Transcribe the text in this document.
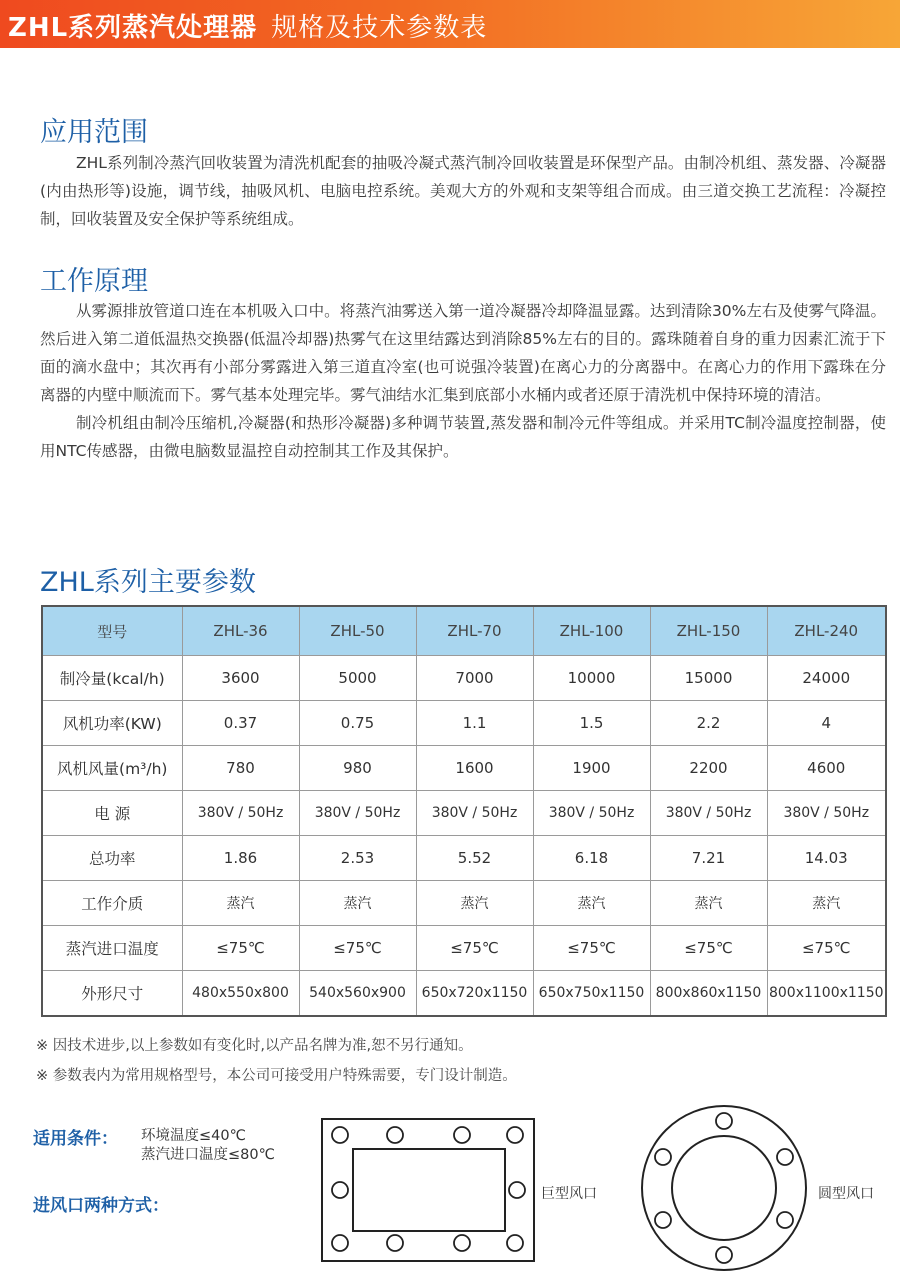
ZHL系列蒸汽处理器 规格及技术参数表
应用范围

ZHL系列制冷蒸汽回收装置为清洗机配套的抽吸冷凝式蒸汽制冷回收装置是环保型产品。由制冷机组、蒸发器、冷凝器(内由热形等)设施，调节线，抽吸风机、电脑电控系统。美观大方的外观和支架等组合而成。由三道交换工艺流程：冷凝控制，回收装置及安全保护等系统组成。

工作原理

从雾源排放管道口连在本机吸入口中。将蒸汽油雾送入第一道冷凝器冷却降温显露。达到清除30%左右及使雾气降温。然后进入第二道低温热交换器(低温冷却器)热雾气在这里结露达到消除85%左右的目的。露珠随着自身的重力因素汇流于下面的滴水盘中；其次再有小部分雾露进入第三道直冷室(也可说强冷装置)在离心力的分离器中。在离心力的作用下露珠在分离器的内壁中顺流而下。雾气基本处理完毕。雾气油结水汇集到底部小水桶内或者还原于清洗机中保持环境的清洁。

制冷机组由制冷压缩机,冷凝器(和热形冷凝器)多种调节装置,蒸发器和制冷元件等组成。并采用TC制冷温度控制器，使用NTC传感器，由微电脑数显温控自动控制其工作及其保护。

ZHL系列主要参数
型号	ZHL-36	ZHL-50	ZHL-70	ZHL-100	ZHL-150	ZHL-240
制冷量(kcal/h)	3600	5000	7000	10000	15000	24000
风机功率(KW)	0.37	0.75	1.1	1.5	2.2	4
风机风量(m³/h)	780	980	1600	1900	2200	4600
电 源	380V / 50Hz	380V / 50Hz	380V / 50Hz	380V / 50Hz	380V / 50Hz	380V / 50Hz
总功率	1.86	2.53	5.52	6.18	7.21	14.03
工作介质	蒸汽	蒸汽	蒸汽	蒸汽	蒸汽	蒸汽
蒸汽进口温度	≤75℃	≤75℃	≤75℃	≤75℃	≤75℃	≤75℃
外形尺寸	480x550x800	540x560x900	650x720x1150	650x750x1150	800x860x1150	800x1100x1150
※ 因技术进步,以上参数如有变化时,以产品名牌为准,恕不另行通知。
※ 参数表内为常用规格型号，本公司可接受用户特殊需要，专门设计制造。
适用条件： 环境温度≤40℃
蒸汽进口温度≤80℃
进风口两种方式：
巨型风口	圆型风口
